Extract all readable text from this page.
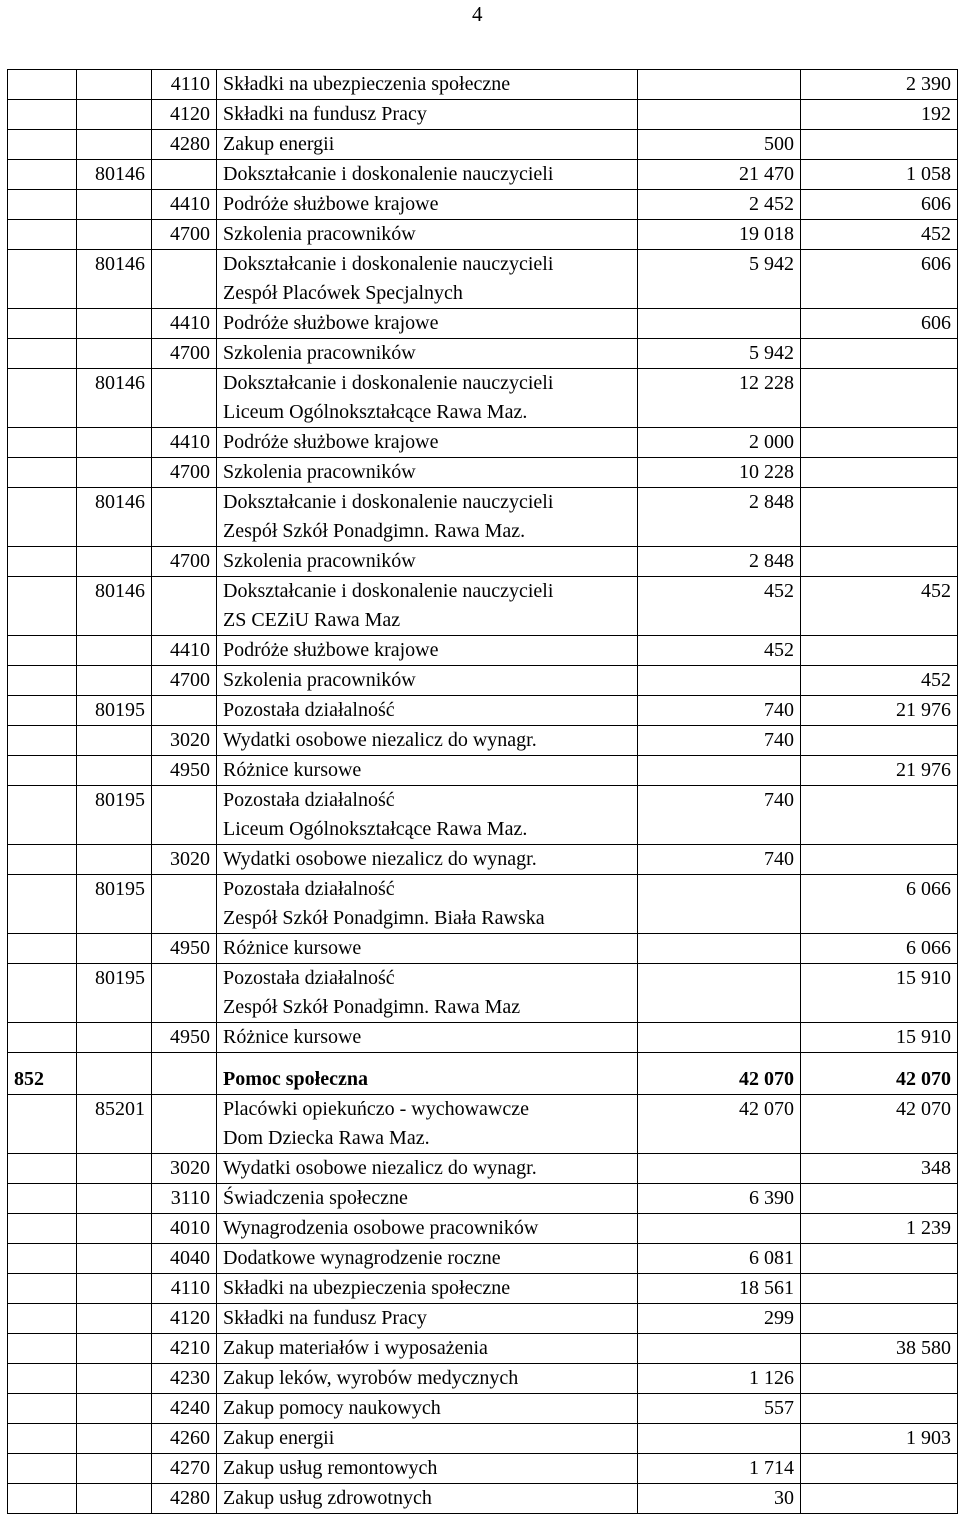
4
		4110	Składki na ubezpieczenia społeczne		2 390
		4120	Składki na fundusz Pracy		192
		4280	Zakup energii	500	
	80146		Dokształcanie i doskonalenie nauczycieli	21 470	1 058
		4410	Podróże służbowe krajowe	2 452	606
		4700	Szkolenia pracowników	19 018	452
	80146		Dokształcanie i doskonalenie nauczycieli
Zespół Placówek Specjalnych	5 942	606
		4410	Podróże służbowe krajowe		606
		4700	Szkolenia pracowników	5 942	
	80146		Dokształcanie i doskonalenie nauczycieli
Liceum Ogólnokształcące Rawa Maz.	12 228	
		4410	Podróże służbowe krajowe	2 000	
		4700	Szkolenia pracowników	10 228	
	80146		Dokształcanie i doskonalenie nauczycieli
Zespół Szkół Ponadgimn. Rawa Maz.	2 848	
		4700	Szkolenia pracowników	2 848	
	80146		Dokształcanie i doskonalenie nauczycieli
ZS CEZiU Rawa Maz	452	452
		4410	Podróże służbowe krajowe	452	
		4700	Szkolenia pracowników		452
	80195		Pozostała działalność	740	21 976
		3020	Wydatki osobowe niezalicz do wynagr.	740	
		4950	Różnice kursowe		21 976
	80195		Pozostała działalność
Liceum Ogólnokształcące Rawa Maz.	740	
		3020	Wydatki osobowe niezalicz do wynagr.	740	
	80195		Pozostała działalność
Zespół Szkół Ponadgimn. Biała Rawska		6 066
		4950	Różnice kursowe		6 066
	80195		Pozostała działalność
Zespół Szkół Ponadgimn. Rawa Maz		15 910
		4950	Różnice kursowe		15 910
852			Pomoc społeczna	42 070	42 070
	85201		Placówki opiekuńczo - wychowawcze
Dom Dziecka Rawa Maz.	42 070	42 070
		3020	Wydatki osobowe niezalicz do wynagr.		348
		3110	Świadczenia społeczne	6 390	
		4010	Wynagrodzenia osobowe pracowników		1 239
		4040	Dodatkowe wynagrodzenie roczne	6 081	
		4110	Składki na ubezpieczenia społeczne	18 561	
		4120	Składki na fundusz Pracy	299	
		4210	Zakup materiałów i wyposażenia		38 580
		4230	Zakup leków, wyrobów medycznych	1 126	
		4240	Zakup pomocy naukowych	557	
		4260	Zakup energii		1 903
		4270	Zakup usług remontowych	1 714	
		4280	Zakup usług zdrowotnych	30	
